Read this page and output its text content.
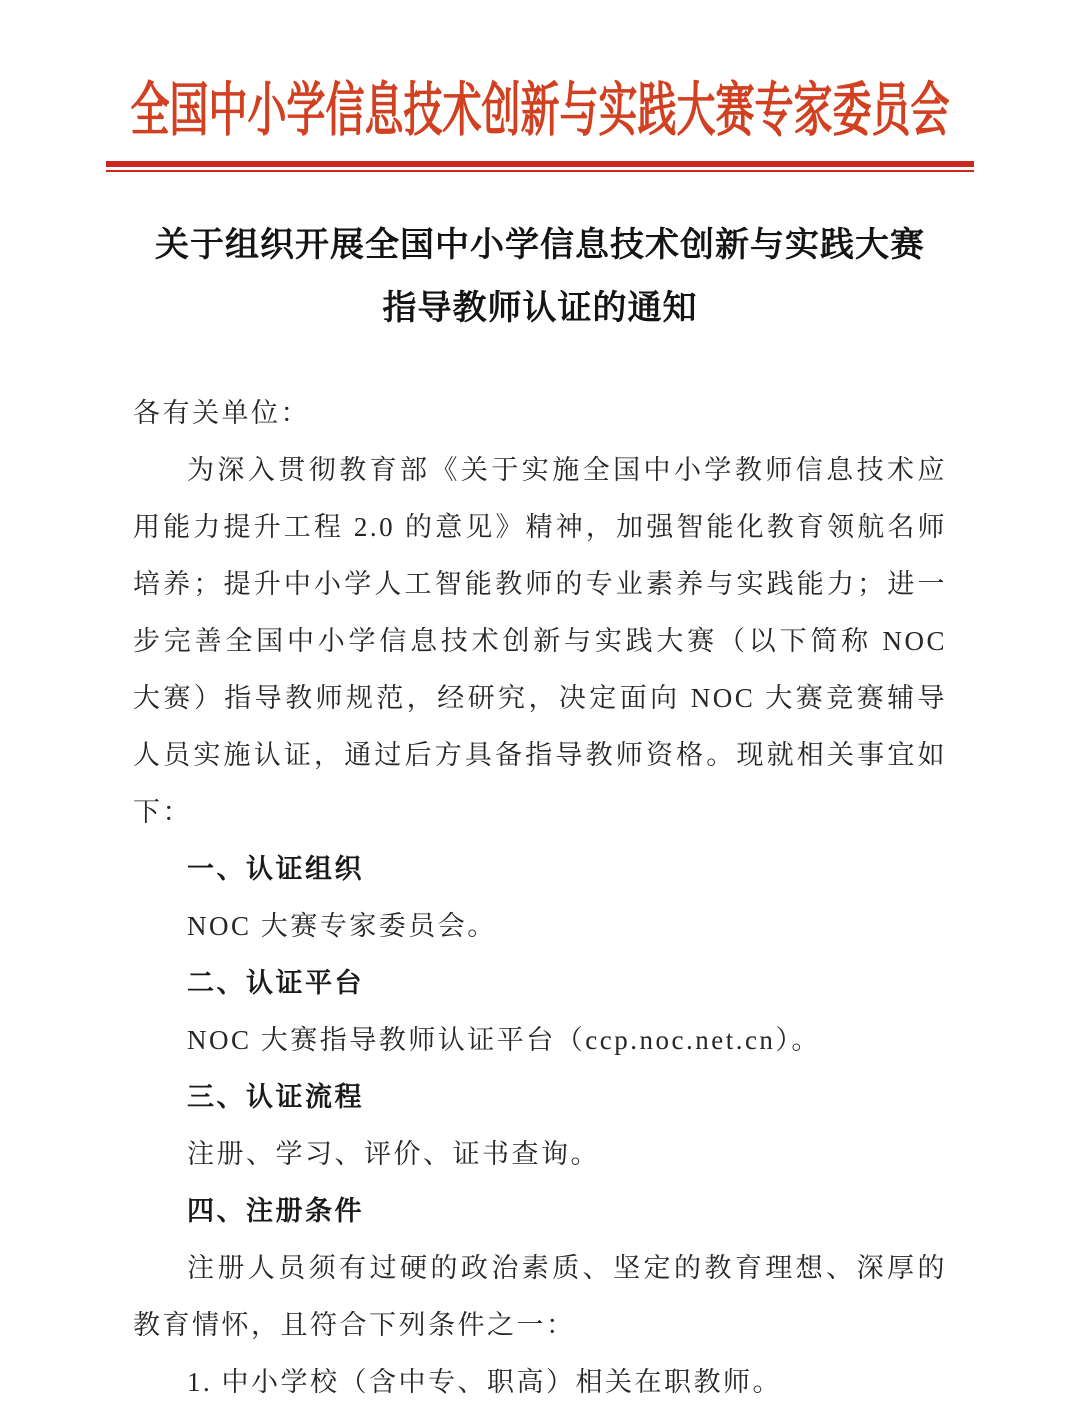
全国中小学信息技术创新与实践大赛专家委员会
关于组织开展全国中小学信息技术创新与实践大赛
指导教师认证的通知

各有关单位：

为深入贯彻教育部《关于实施全国中小学教师信息技术应用能力提升工程 2.0 的意见》精神，加强智能化教育领航名师培养；提升中小学人工智能教师的专业素养与实践能力；进一步完善全国中小学信息技术创新与实践大赛（以下简称 NOC 大赛）指导教师规范，经研究，决定面向 NOC 大赛竞赛辅导人员实施认证，通过后方具备指导教师资格。现就相关事宜如下：

一、认证组织

NOC 大赛专家委员会。

二、认证平台

NOC 大赛指导教师认证平台（ccp.noc.net.cn）。

三、认证流程

注册、学习、评价、证书查询。

四、注册条件

注册人员须有过硬的政治素质、坚定的教育理想、深厚的教育情怀，且符合下列条件之一：

1. 中小学校（含中专、职高）相关在职教师。
